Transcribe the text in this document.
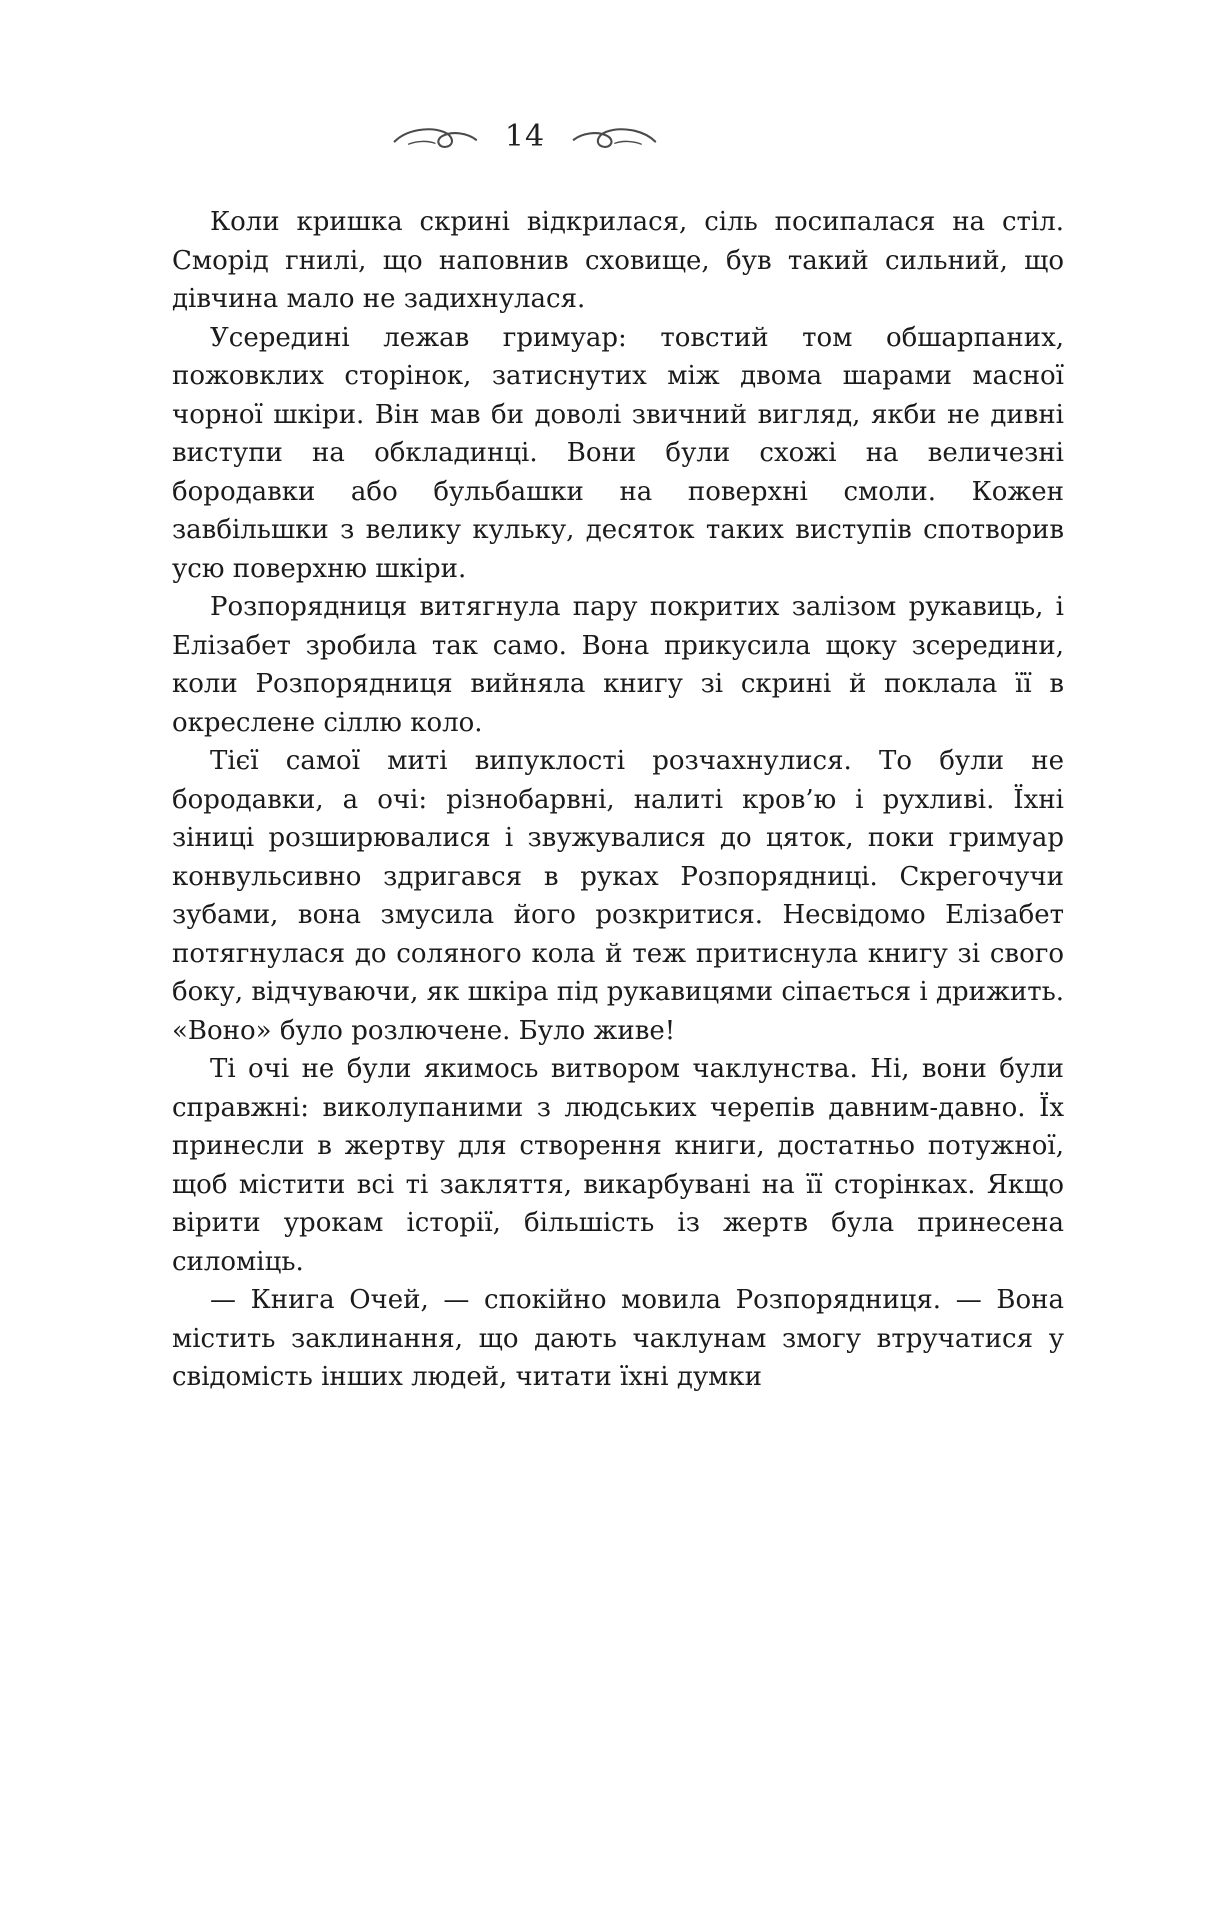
14

Коли кришка скрині відкрилася, сіль посипалася на стіл. Сморід гнилі, що наповнив сховище, був такий сильний, що дівчина мало не задихнулася.

Усередині лежав гримуар: товстий том обшарпаних, пожовклих сторінок, затиснутих між двома шарами масної чорної шкіри. Він мав би доволі звичний вигляд, якби не дивні виступи на обкладинці. Вони були схожі на величезні бородавки або бульбашки на поверхні смоли. Кожен завбільшки з велику кульку, десяток таких виступів спотворив усю поверхню шкіри.

Розпорядниця витягнула пару покритих залізом рукавиць, і Елізабет зробила так само. Вона прикусила щоку зсередини, коли Розпорядниця вийняла книгу зі скрині й поклала її в окреслене сіллю коло.

Тієї самої миті випуклості розчахнулися. То були не бородавки, а очі: різнобарвні, налиті кров’ю і рухливі. Їхні зіниці розширювалися і звужувалися до цяток, поки гримуар конвульсивно здригався в руках Розпорядниці. Скрегочучи зубами, вона змусила його розкритися. Несвідомо Елізабет потягнулася до соляного кола й теж притиснула книгу зі свого боку, відчуваючи, як шкіра під рукавицями сіпається і дрижить. «Воно» було розлючене. Було живе!

Ті очі не були якимось витвором чаклунства. Ні, вони були справжні: виколупаними з людських черепів давним-давно. Їх принесли в жертву для створення книги, достатньо потужної, щоб містити всі ті закляття, викарбувані на її сторінках. Якщо вірити урокам історії, більшість із жертв була принесена силоміць.

— Книга Очей, — спокійно мовила Розпорядниця. — Вона містить заклинання, що дають чаклунам змогу втручатися у свідомість інших людей, читати їхні думки
